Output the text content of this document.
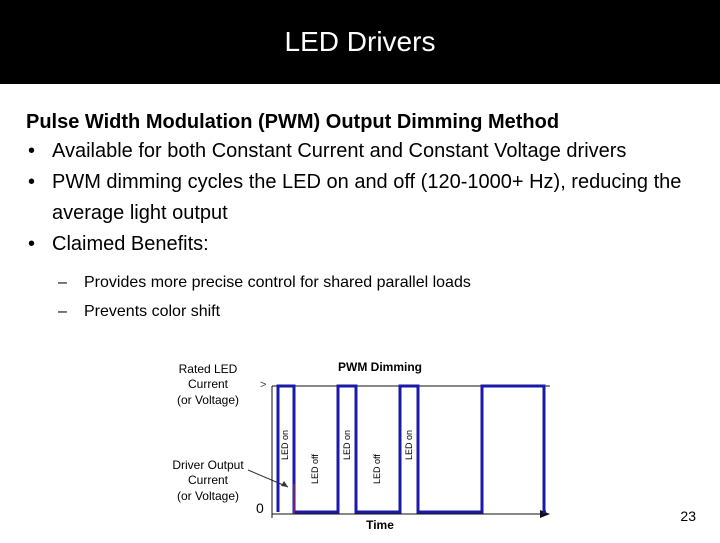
LED Drivers

Pulse Width Modulation (PWM) Output Dimming Method

• Available for both Constant Current and Constant Voltage drivers
• PWM dimming cycles the LED on and off (120-1000+ Hz), reducing the average light output
• Claimed Benefits:
– Provides more precise control for shared parallel loads
– Prevents color shift
PWM Dimming
Rated LED
Current
(or Voltage)
>
Driver Output
Current
(or Voltage)
0
LED on
LED off
LED on
LED off
LED on
Time
23
